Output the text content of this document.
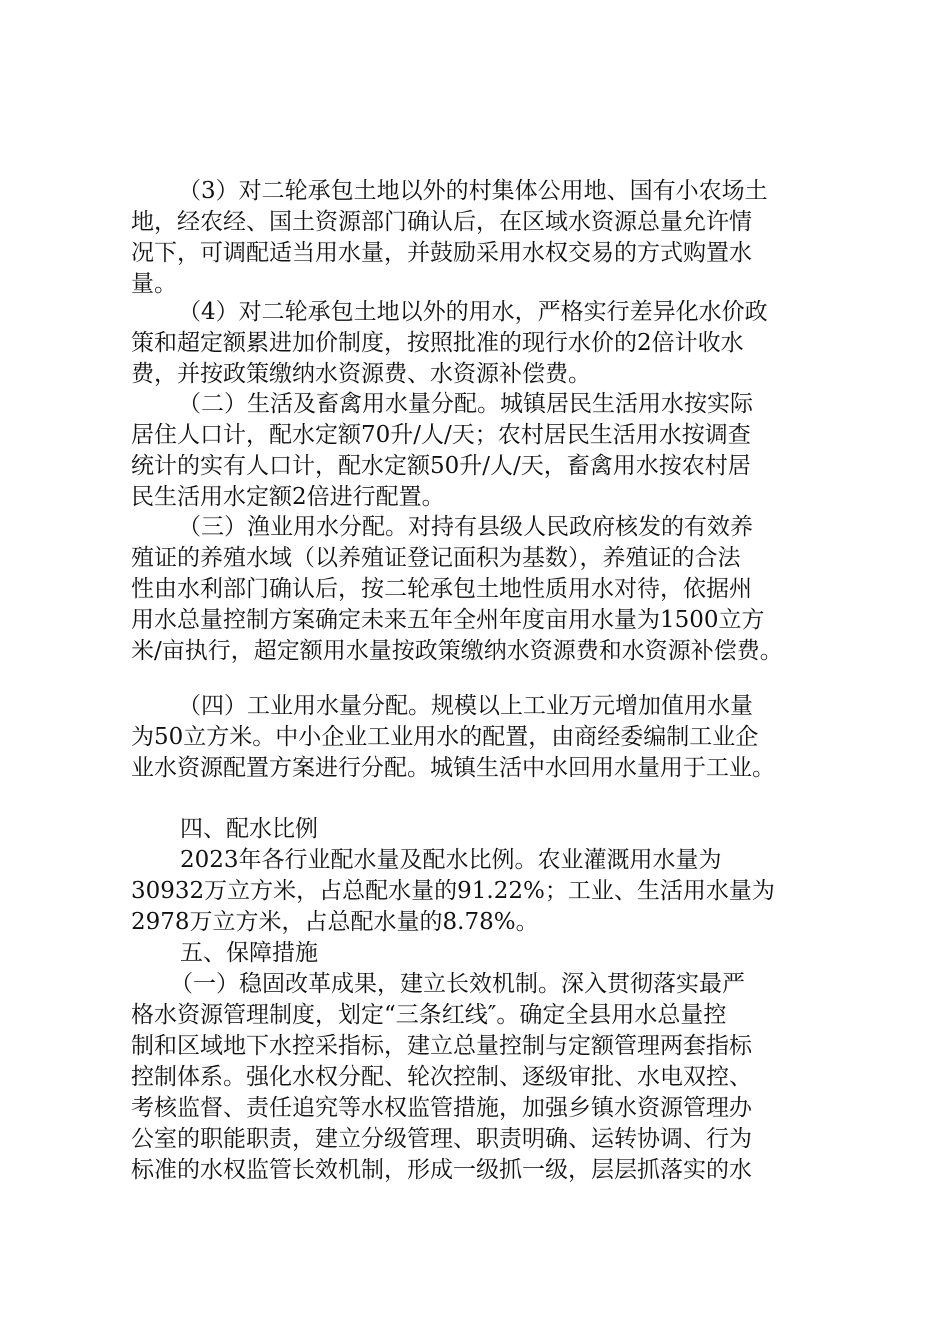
（3）对二轮承包土地以外的村集体公用地、国有小农场土
地，经农经、国土资源部门确认后，在区域水资源总量允许情
况下，可调配适当用水量，并鼓励采用水权交易的方式购置水
量。
（4）对二轮承包土地以外的用水，严格实行差异化水价政
策和超定额累进加价制度，按照批准的现行水价的2倍计收水
费，并按政策缴纳水资源费、水资源补偿费。
（二）生活及畜禽用水量分配。城镇居民生活用水按实际
居住人口计，配水定额70升/人/天；农村居民生活用水按调查
统计的实有人口计，配水定额50升/人/天，畜禽用水按农村居
民生活用水定额2倍进行配置。
（三）渔业用水分配。对持有县级人民政府核发的有效养
殖证的养殖水域（以养殖证登记面积为基数），养殖证的合法
性由水利部门确认后，按二轮承包土地性质用水对待，依据州
用水总量控制方案确定未来五年全州年度亩用水量为1500立方
米/亩执行，超定额用水量按政策缴纳水资源费和水资源补偿费。
（四）工业用水量分配。规模以上工业万元增加值用水量
为50立方米。中小企业工业用水的配置，由商经委编制工业企
业水资源配置方案进行分配。城镇生活中水回用水量用于工业。
四、配水比例
2023年各行业配水量及配水比例。农业灌溉用水量为
30932万立方米，占总配水量的91.22%；工业、生活用水量为
2978万立方米，占总配水量的8.78%。
五、保障措施
（一）稳固改革成果，建立长效机制。深入贯彻落实最严
格水资源管理制度，划定“三条红线″。确定全县用水总量控
制和区域地下水控采指标，建立总量控制与定额管理两套指标
控制体系。强化水权分配、轮次控制、逐级审批、水电双控、
考核监督、责任追究等水权监管措施，加强乡镇水资源管理办
公室的职能职责，建立分级管理、职责明确、运转协调、行为
标准的水权监管长效机制，形成一级抓一级，层层抓落实的水
